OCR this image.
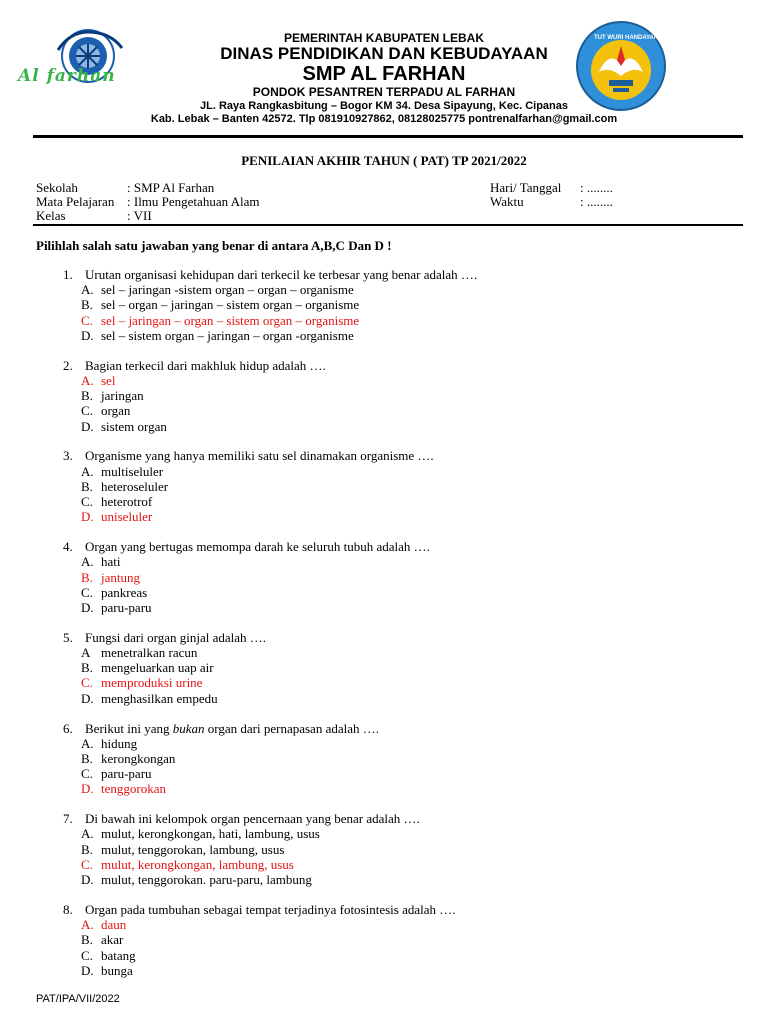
Al farhan
TUT WURI HANDAYANI
PEMERINTAH KABUPATEN LEBAK
DINAS PENDIDIKAN DAN KEBUDAYAAN
SMP AL FARHAN
PONDOK PESANTREN TERPADU AL FARHAN
JL. Raya Rangkasbitung – Bogor KM 34. Desa Sipayung, Kec. Cipanas
Kab. Lebak – Banten 42572. Tlp 081910927862, 08128025775 pontrenalfarhan@gmail.com
PENILAIAN AKHIR TAHUN ( PAT) TP 2021/2022
Sekolah	: SMP Al Farhan
Mata Pelajaran : Ilmu Pengetahuan Alam
Kelas	: VII
Hari/ Tanggal : ........
Waktu	: ........
Pilihlah salah satu jawaban yang benar di antara A,B,C Dan D !
1. Urutan organisasi kehidupan dari terkecil ke terbesar yang benar adalah ….
A. sel – jaringan -sistem organ – organ – organisme
B. sel – organ – jaringan – sistem organ – organisme
C. sel – jaringan – organ – sistem organ – organisme
D. sel – sistem organ – jaringan – organ -organisme
2. Bagian terkecil dari makhluk hidup adalah ….
A. sel
B. jaringan
C. organ
D. sistem organ
3. Organisme yang hanya memiliki satu sel dinamakan organisme ….
A. multiseluler
B. heteroseluler
C. heterotrof
D. uniseluler
4. Organ yang bertugas memompa darah ke seluruh tubuh adalah ….
A. hati
B. jantung
C. pankreas
D. paru-paru
5. Fungsi dari organ ginjal adalah ….
A menetralkan racun
B. mengeluarkan uap air
C. memproduksi urine
D. menghasilkan empedu
6. Berikut ini yang bukan organ dari pernapasan adalah ….
A. hidung
B. kerongkongan
C. paru-paru
D. tenggorokan
7. Di bawah ini kelompok organ pencernaan yang benar adalah ….
A. mulut, kerongkongan, hati, lambung, usus
B. mulut, tenggorokan, lambung, usus
C. mulut, kerongkongan, lambung, usus
D. mulut, tenggorokan. paru-paru, lambung
8. Organ pada tumbuhan sebagai tempat terjadinya fotosintesis adalah ….
A. daun
B. akar
C. batang
D. bunga
PAT/IPA/VII/2022
